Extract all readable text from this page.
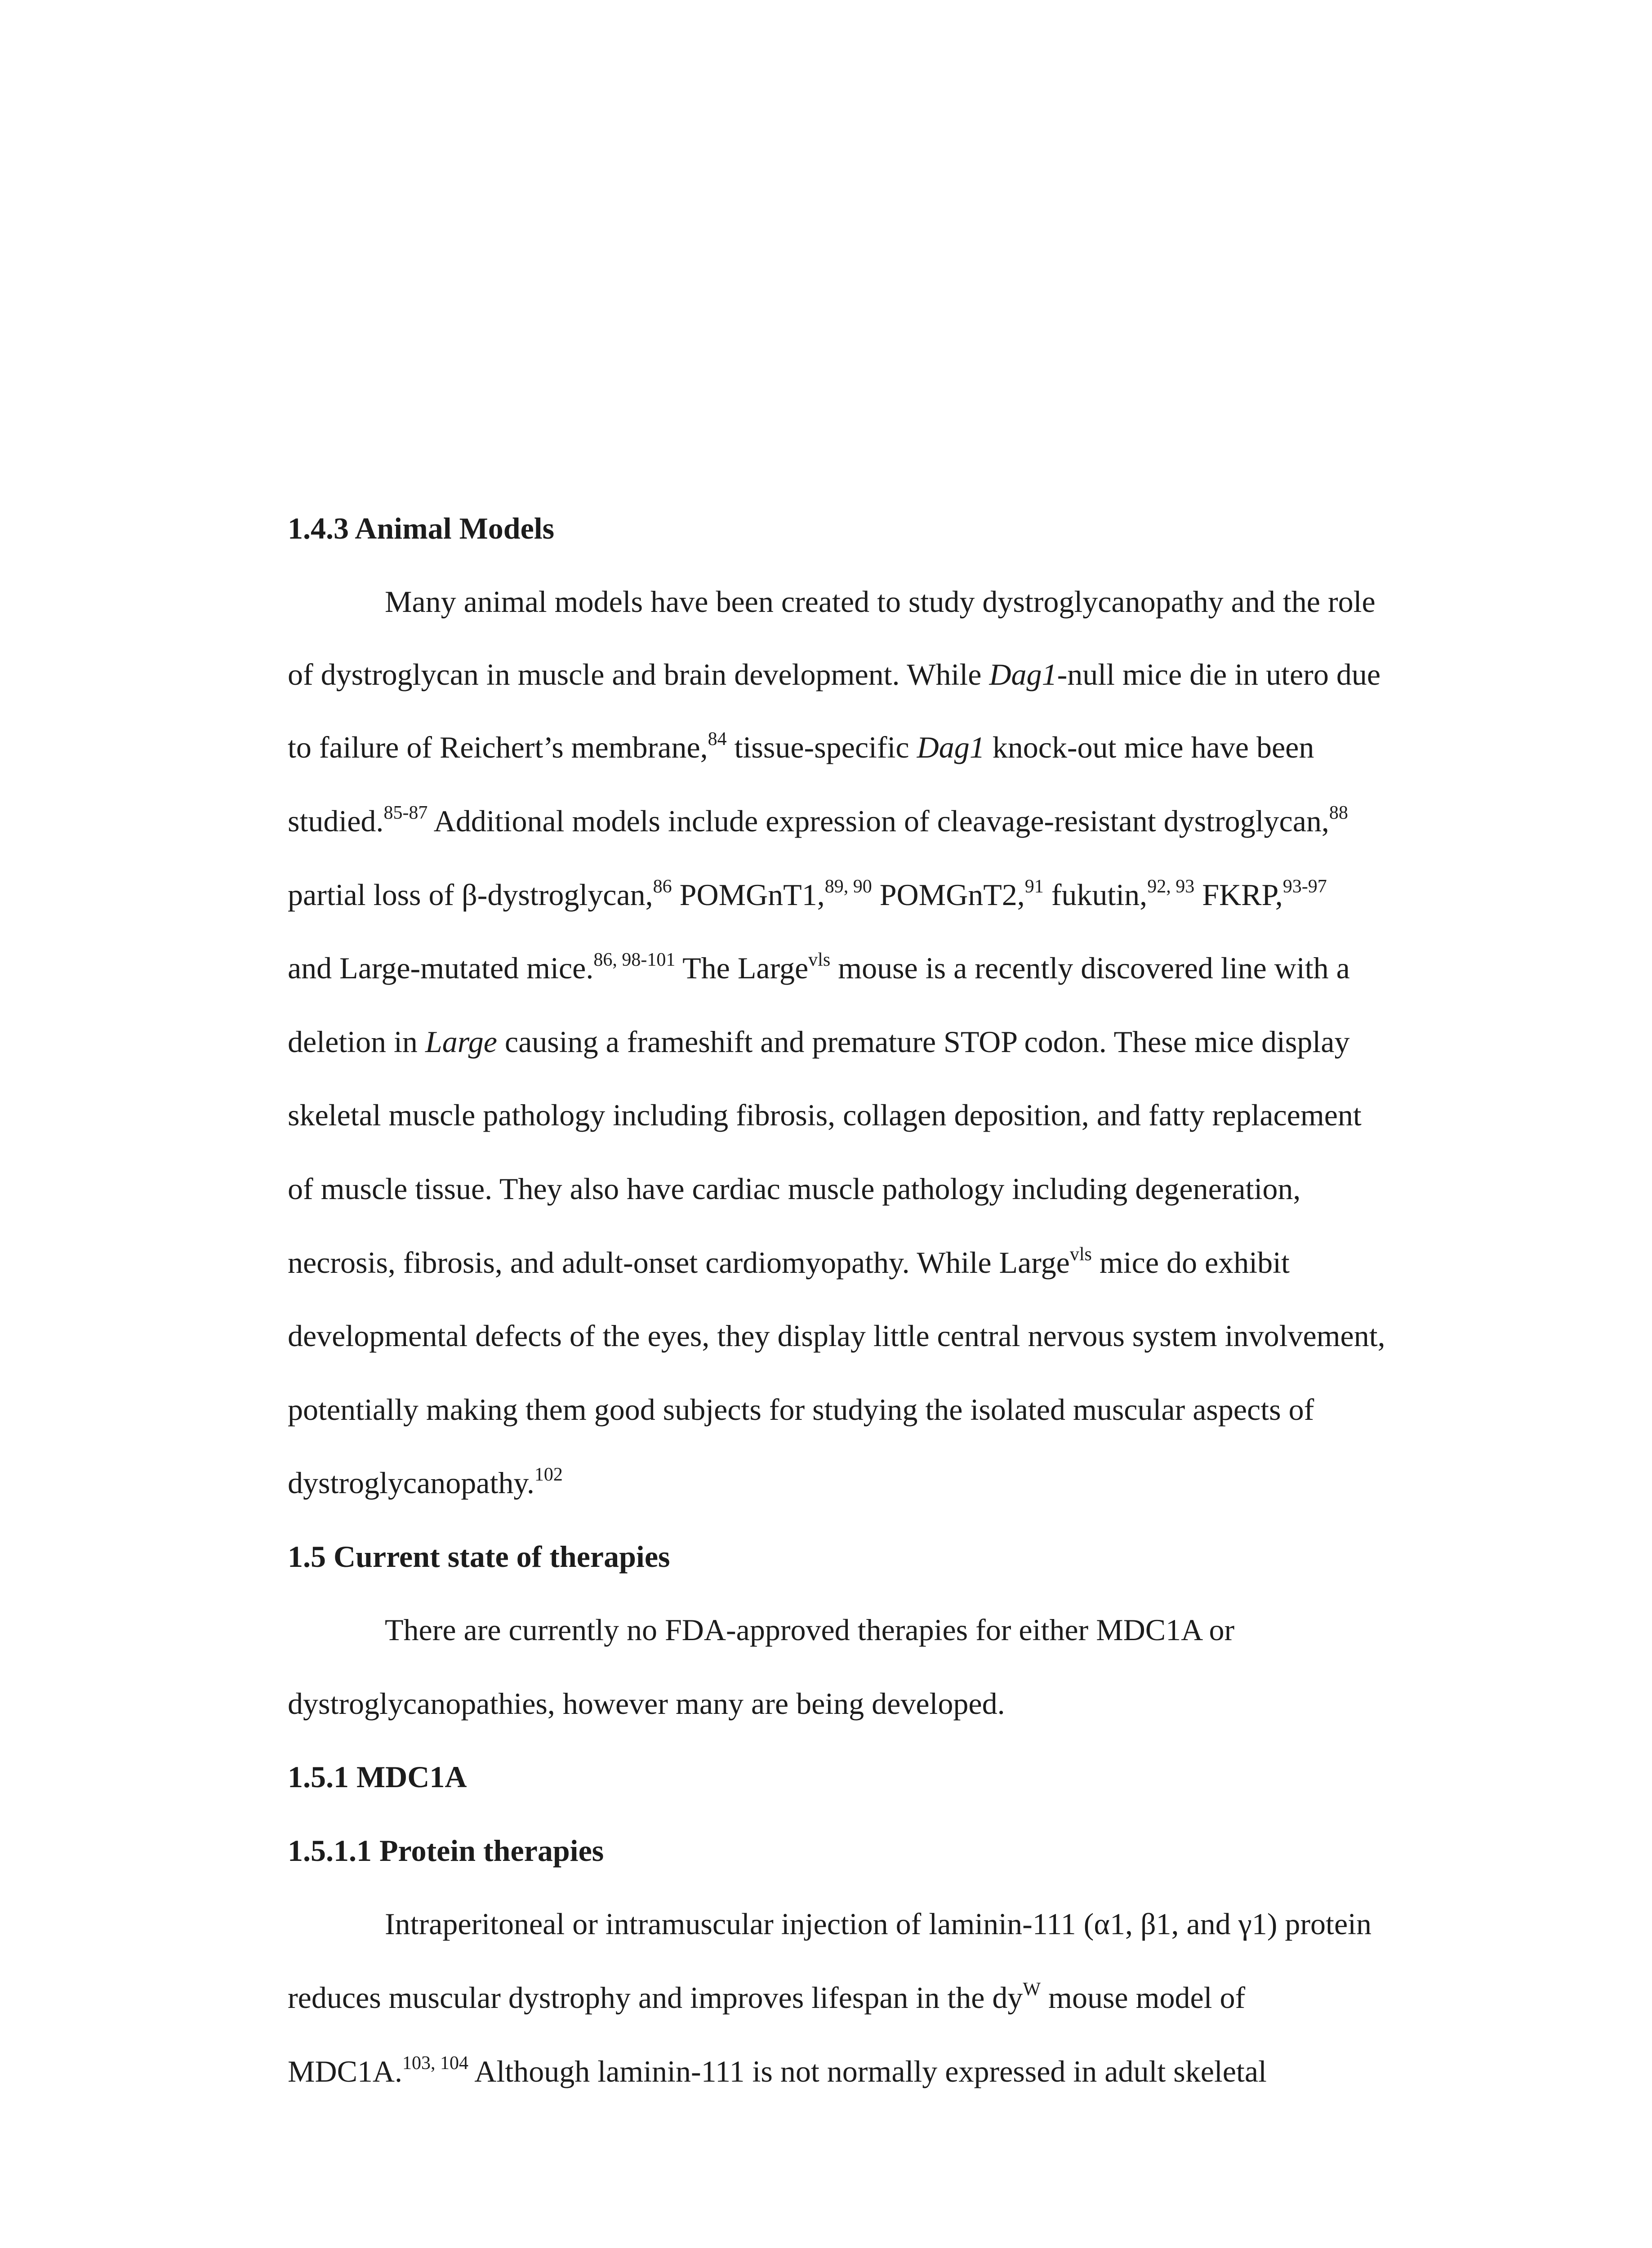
1.4.3 Animal Models
Many animal models have been created to study dystroglycanopathy and the role
of dystroglycan in muscle and brain development. While Dag1-null mice die in utero due
to failure of Reichert’s membrane,$^{84}$ tissue-specific Dag1 knock-out mice have been
studied.$^{85-87}$ Additional models include expression of cleavage-resistant dystroglycan,$^{88}$
partial loss of β-dystroglycan,$^{86}$ POMGnT1,$^{89, 90}$ POMGnT2,91 fukutin,$^{92, 93}$ FKRP,$^{93-97}$
and Large-mutated mice.$^{86, 98-101}$ The Large$^{vls}$ mouse is a recently discovered line with a
deletion in Large causing a frameshift and premature STOP codon. These mice display
skeletal muscle pathology including fibrosis, collagen deposition, and fatty replacement
of muscle tissue. They also have cardiac muscle pathology including degeneration,
necrosis, fibrosis, and adult-onset cardiomyopathy. While Large$^{vls}$ mice do exhibit
developmental defects of the eyes, they display little central nervous system involvement,
potentially making them good subjects for studying the isolated muscular aspects of
dystroglycanopathy.$^{102}$
1.5 Current state of therapies
There are currently no FDA-approved therapies for either MDC1A or
dystroglycanopathies, however many are being developed.
1.5.1 MDC1A
1.5.1.1 Protein therapies
Intraperitoneal or intramuscular injection of laminin-111 (α1, β1, and γ1) protein
reduces muscular dystrophy and improves lifespan in the $dy^W$ mouse model of
MDC1A.$^{103, 104}$ Although laminin-111 is not normally expressed in adult skeletal
